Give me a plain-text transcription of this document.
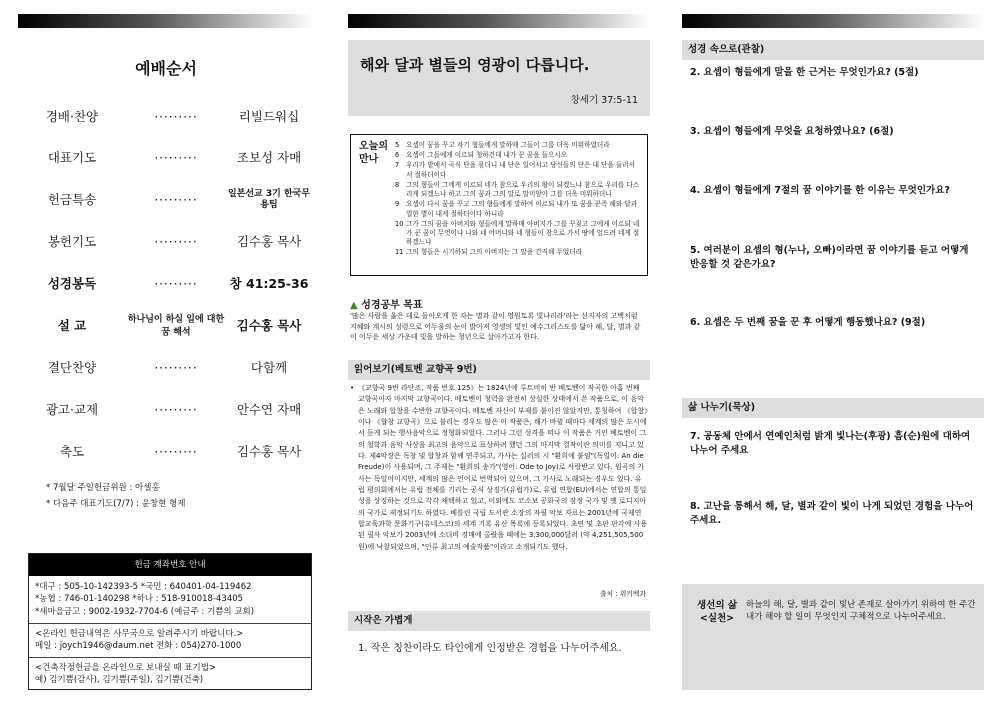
예배순서
경배·찬양	·········	리빌드워십
대표기도	·········	조보성 자매
헌금특송	·········	일본선교 3기 한국무용팀
봉헌기도	·········	김수홍 목사
성경봉독	·········	창 41:25-36
설 교	하나님이 하실 일에 대한 꿈 해석	김수홍 목사
결단찬양	·········	다함께
광고·교제	·········	안수연 자매
축도	·········	김수홍 목사
* 7월달 주일헌금위원 : 아셀홍
* 다음주 대표기도(7/7) : 윤창현 형제
헌금 계좌번호 안내
*대구 : 505-10-142393-5 *국민 : 640401-04-119462
*농협 : 746-01-140298 *하나 : 518-910018-43405
*새마을금고 : 9002-1932-7704-6 (예금주 : 기쁨의 교회)
<온라인 헌금내역은 사무국으로 알려주시기 바랍니다.>
메일 : joych1946@daum.net 전화 : 054)270-1000
<건축작정헌금을 온라인으로 보내실 때 표기법>
예) 김기쁨(감사), 김기쁨(주일), 김기쁨(건축)
해와 달과 별들의 영광이 다릅니다.
창세기 37:5-11
오늘의 만나
5	요셉이 꿈을 꾸고 자기 형들에게 말하매 그들이 그를 더욱 미워하였더라
6	요셉이 그들에게 이르되 청하건대 내가 꾼 꿈을 들으시오
7	우리가 밭에서 곡식 단을 묶더니 내 단은 일어서고 당신들의 단은 내 단을 둘러서서 절하더이다
8	그의 형들이 그에게 이르되 네가 참으로 우리의 왕이 되겠느냐 참으로 우리를 다스리게 되겠느냐 하고 그의 꿈과 그의 말로 말미암아 그를 더욱 미워하더니
9	요셉이 다시 꿈을 꾸고 그의 형들에게 말하여 이르되 내가 또 꿈을 꾼즉 해와 달과 열한 별이 내게 절하더이다 하니라
10 그가 그의 꿈을 아버지와 형들에게 말하매 아버지가 그를 꾸짖고 그에게 이르되 네가 꾼 꿈이 무엇이냐 나와 네 어머니와 네 형들이 참으로 가서 땅에 엎드려 네게 절하겠느냐
11 그의 형들은 시기하되 그의 아버지는 그 말을 간직해 두었더라
▲ 성경공부 목표
'많은 사람을 옳은 데로 돌아오게 한 자는 별과 같이 영원토록 빛나리라'라는 선지자의 고백처럼 지혜와 계시의 성령으로 어두움의 눈이 밝아져 영생의 빛인 예수그리스도를 닮아 해, 달, 별과 같이 어두운 세상 가운데 빛을 발하는 청년으로 살아가고자 한다.
읽어보기(베토벤 교향곡 9번)
• 《교향곡 9번 라단조, 작품 번호 125》는 1824년에 루트비히 반 베토벤이 작곡한 아홉 번째 교향곡이자 마지막 교향곡이다. 베토벤이 청력을 완전히 상실한 상태에서 쓴 작품으로, 이 음악은 노래와 합창을 수반한 교향곡이다. 베토벤 자신이 부제를 붙이진 않았지만, 통칭하여 《합창》이나 《합창 교향곡》으로 불리는 경우도 많은 이 작품은, 해가 바뀔 때마다 세계의 많은 도시에서 듣게 되는 행사음악으로 정형화되었다. 그러나 그런 성격을 떠나 이 작품은 거인 베토벤이 그의 철학과 음악 사상을 최고의 음악으로 표상하려 했던 그의 마지막 결작이란 의미를 지니고 있다. 제4악장은 독창 및 합창과 함께 연주되고, 가사는 실러의 시 "환희에 붙임"(독일어: An die Freude)이 사용되며, 그 주제는 "환희의 송가"(영어: Ode to Joy)로 사랑받고 있다. 원곡의 가사는 독일어이지만, 세계의 많은 언어로 번역되어 있으며, 그 가사로 노래되는 경우도 있다. 유럽 평의회에서는 유럽 전체를 기리는 공식 상징가(유럽가)로, 유럽 연합(EU)에서는 연합의 통일성을 상징하는 것으로 각각 채택하고 있고, 이외에도 코소보 공화국의 잠정 국가 및 옛 로디지아의 국가로 제정되기도 하였다. 베를린 국립 도서관 소장의 자필 악보 자료는 2001년에 국제연합교육과학 문화기구(유네스코)의 세계 기록 유산 목록에 등록되었다. 초연 및 초판 판각에 사용된 필사 악보가 2003년에 소더비 경매에 올랐을 때에는 3,300,000달러 (약 4,251,505,500원)에 낙찰되었으며, "인류 최고의 예술작품"이라고 소개되기도 했다.
출처 : 위키백과
시작은 가볍게
1. 작은 칭찬이라도 타인에게 인정받은 경험을 나누어주세요.
성경 속으로(관찰)
2. 요셉이 형들에게 말을 한 근거는 무엇인가요? (5절)
3. 요셉이 형들에게 무엇을 요청하였나요? (6절)
4. 요셉이 형들에게 7절의 꿈 이야기를 한 이유는 무엇인가요?
5. 여러분이 요셉의 형(누나, 오빠)이라면 꿈 이야기를 듣고 어떻게 반응할 것 같은가요?
6. 요셉은 두 번째 꿈을 꾼 후 어떻게 행동했나요? (9절)
삶 나누기(묵상)
7. 공동체 안에서 연예인처럼 밝게 빛나는(후광) 흠(순)원에 대하여 나누어 주세요
8. 고난을 통해서 해, 달, 별과 같이 빛이 나게 되었던 경험을 나누어 주세요.
생선의 삶 <실천>
하늘의 해, 달, 별과 같이 빛난 존재로 살아가기 위하여 한 주간 내가 해야 할 일이 무엇인지 구체적으로 나누어주세요.
